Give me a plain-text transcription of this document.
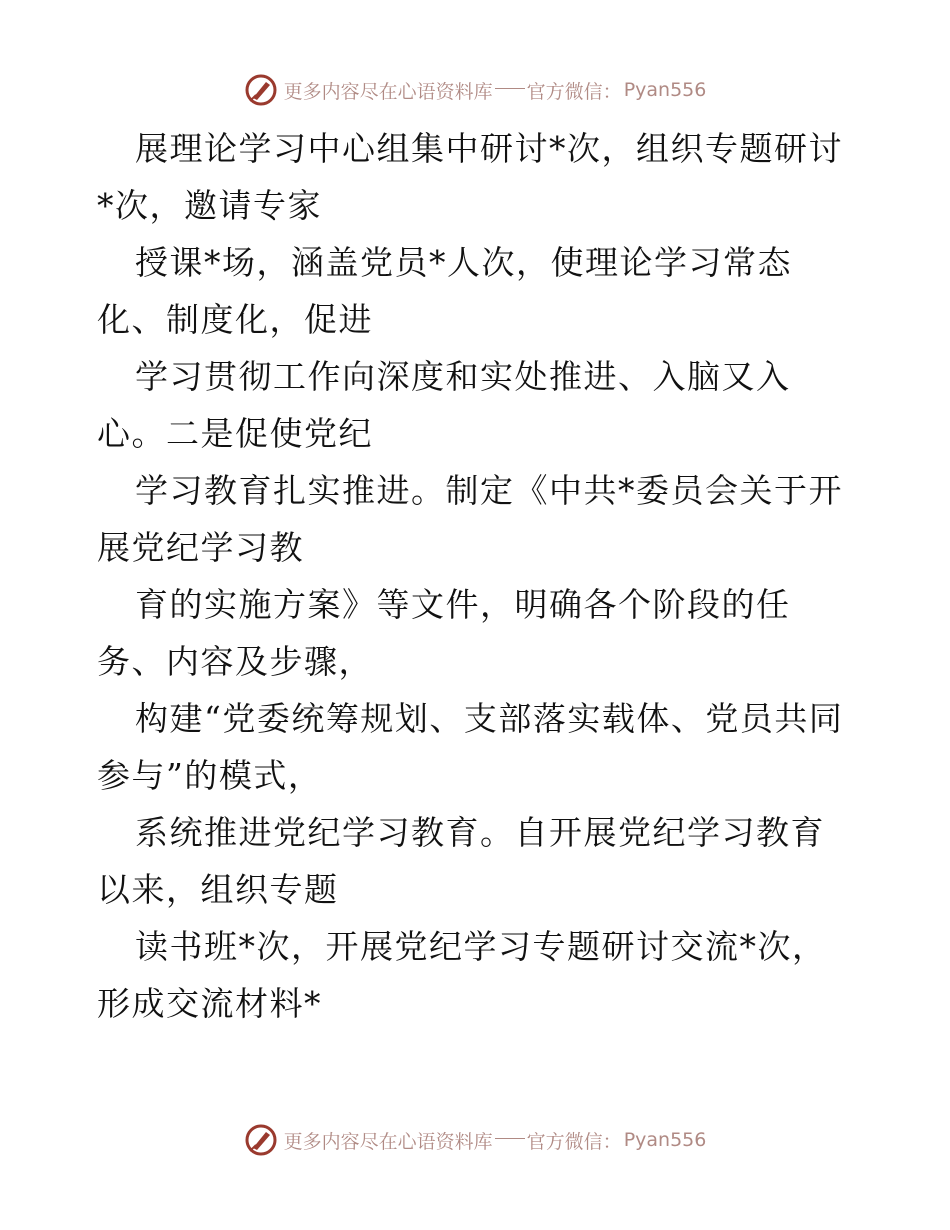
更多内容尽在心语资料库 官方微信： Pyan556

展理论学习中心组集中研讨*次，组织专题研讨*次，邀请专家

授课*场，涵盖党员*人次，使理论学习常态化、制度化，促进

学习贯彻工作向深度和实处推进、入脑又入心。二是促使党纪

学习教育扎实推进。制定《中共*委员会关于开展党纪学习教

育的实施方案》等文件，明确各个阶段的任务、内容及步骤，

构建“党委统筹规划、支部落实载体、党员共同参与”的模式，

系统推进党纪学习教育。自开展党纪学习教育以来，组织专题

读书班*次，开展党纪学习专题研讨交流*次，形成交流材料*

更多内容尽在心语资料库 官方微信： Pyan556
